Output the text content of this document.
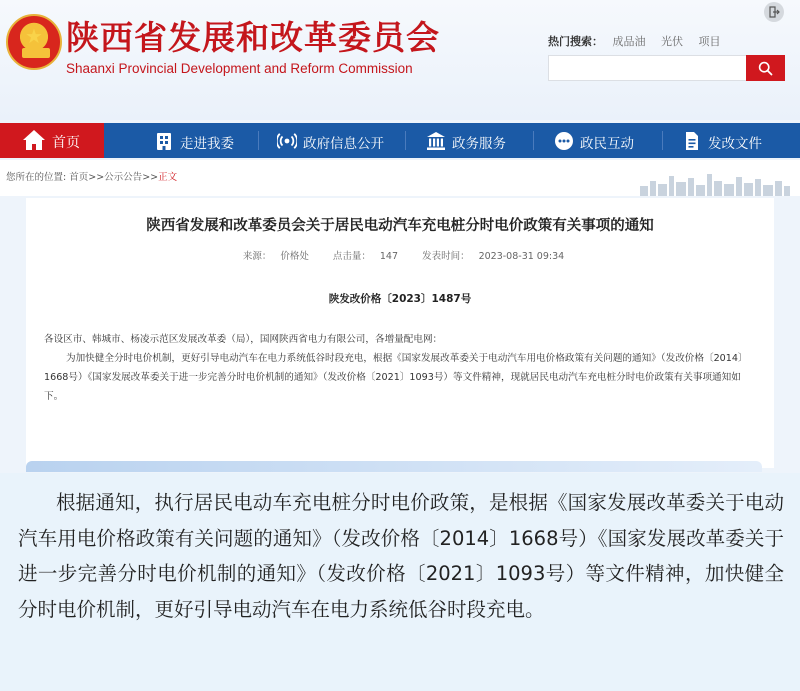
★ 陕西省发展和改革委员会
Shaanxi Provincial Development and Reform Commission
热门搜索： 成品油 光伏 项目
首页	走进我委	政府信息公开	政务服务	政民互动	发改文件
您所在的位置: 首页>>公示公告>>正文
陕西省发展和改革委员会关于居民电动汽车充电桩分时电价政策有关事项的通知
来源： 价格处	点击量： 147	发表时间： 2023-08-31 09:34
陕发改价格〔2023〕1487号

各设区市、韩城市、杨凌示范区发展改革委（局），国网陕西省电力有限公司，各增量配电网：

为加快健全分时电价机制，更好引导电动汽车在电力系统低谷时段充电，根据《国家发展改革委关于电动汽车用电价格政策有关问题的通知》（发改价格〔2014〕1668号）《国家发展改革委关于进一步完善分时电价机制的通知》（发改价格〔2021〕1093号）等文件精神，现就居民电动汽车充电桩分时电价政策有关事项通知如下。

根据通知，执行居民电动车充电桩分时电价政策，是根据《国家发展改革委关于电动汽车用电价格政策有关问题的通知》（发改价格〔2014〕1668号）《国家发展改革委关于进一步完善分时电价机制的通知》（发改价格〔2021〕1093号）等文件精神，加快健全分时电价机制，更好引导电动汽车在电力系统低谷时段充电。
